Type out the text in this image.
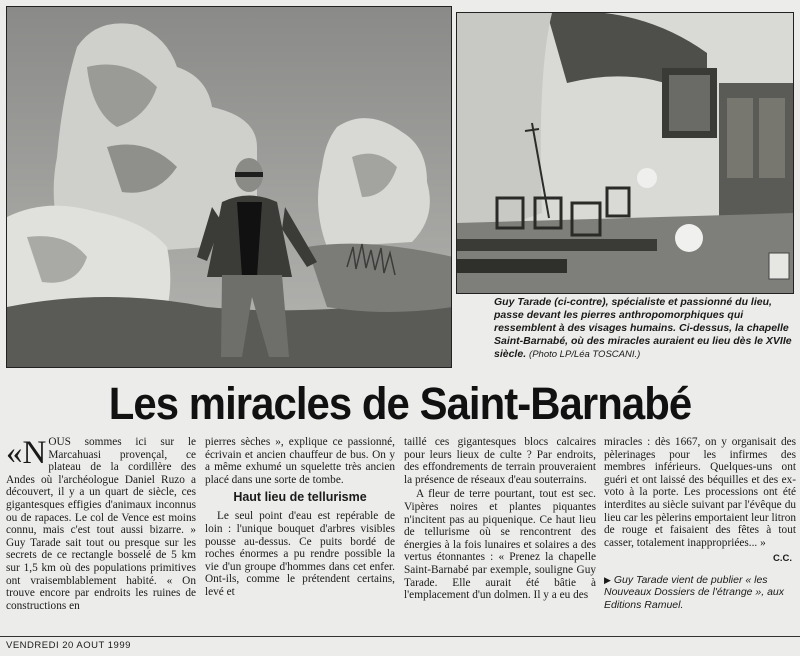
Guy Tarade (ci-contre), spécialiste et passionné du lieu, passe devant les pierres anthropomorphiques qui ressemblent à des visages humains. Ci-dessus, la chapelle Saint-Barnabé, où des miracles auraient eu lieu dès le XVIIe siècle. (Photo LP/Léa TOSCANI.)
Les miracles de Saint-Barnabé

«N OUS sommes ici sur le Marcahuasi provençal, ce plateau de la cordillère des Andes où l'archéologue Daniel Ruzo a découvert, il y a un quart de siècle, ces gigantesques effigies d'animaux inconnus ou de rapaces. Le col de Vence est moins connu, mais c'est tout aussi bizarre. » Guy Tarade sait tout ou presque sur les secrets de ce rectangle bosselé de 5 km sur 1,5 km où des populations primitives ont vraisemblablement habité. « On trouve encore par endroits les ruines de constructions en

pierres sèches », explique ce passionné, écrivain et ancien chauffeur de bus. On y a même exhumé un squelette très ancien placé dans une sorte de tombe.

Haut lieu de tellurisme

Le seul point d'eau est repérable de loin : l'unique bouquet d'arbres visibles pousse au-dessus. Ce puits bordé de roches énormes a pu rendre possible la vie d'un groupe d'hommes dans cet enfer. Ont-ils, comme le prétendent certains, levé et

taillé ces gigantesques blocs calcaires pour leurs lieux de culte ? Par endroits, des effondrements de terrain prouveraient la présence de réseaux d'eau souterrains.

A fleur de terre pourtant, tout est sec. Vipères noires et plantes piquantes n'incitent pas au piquenique. Ce haut lieu de tellurisme où se rencontrent des énergies à la fois lunaires et solaires a des vertus étonnantes : « Prenez la chapelle Saint-Barnabé par exemple, souligne Guy Tarade. Elle aurait été bâtie à l'emplacement d'un dolmen. Il y a eu des

miracles : dès 1667, on y organisait des pèlerinages pour les infirmes des membres inférieurs. Quelques-uns ont guéri et ont laissé des béquilles et des ex-voto à la porte. Les processions ont été interdites au siècle suivant par l'évêque du lieu car les pèlerins emportaient leur litron de rouge et faisaient des fêtes à tout casser, totalement inappropriées... »

C.C.
▶ Guy Tarade vient de publier « les Nouveaux Dossiers de l'étrange », aux Editions Ramuel.
VENDREDI 20 AOUT 1999
